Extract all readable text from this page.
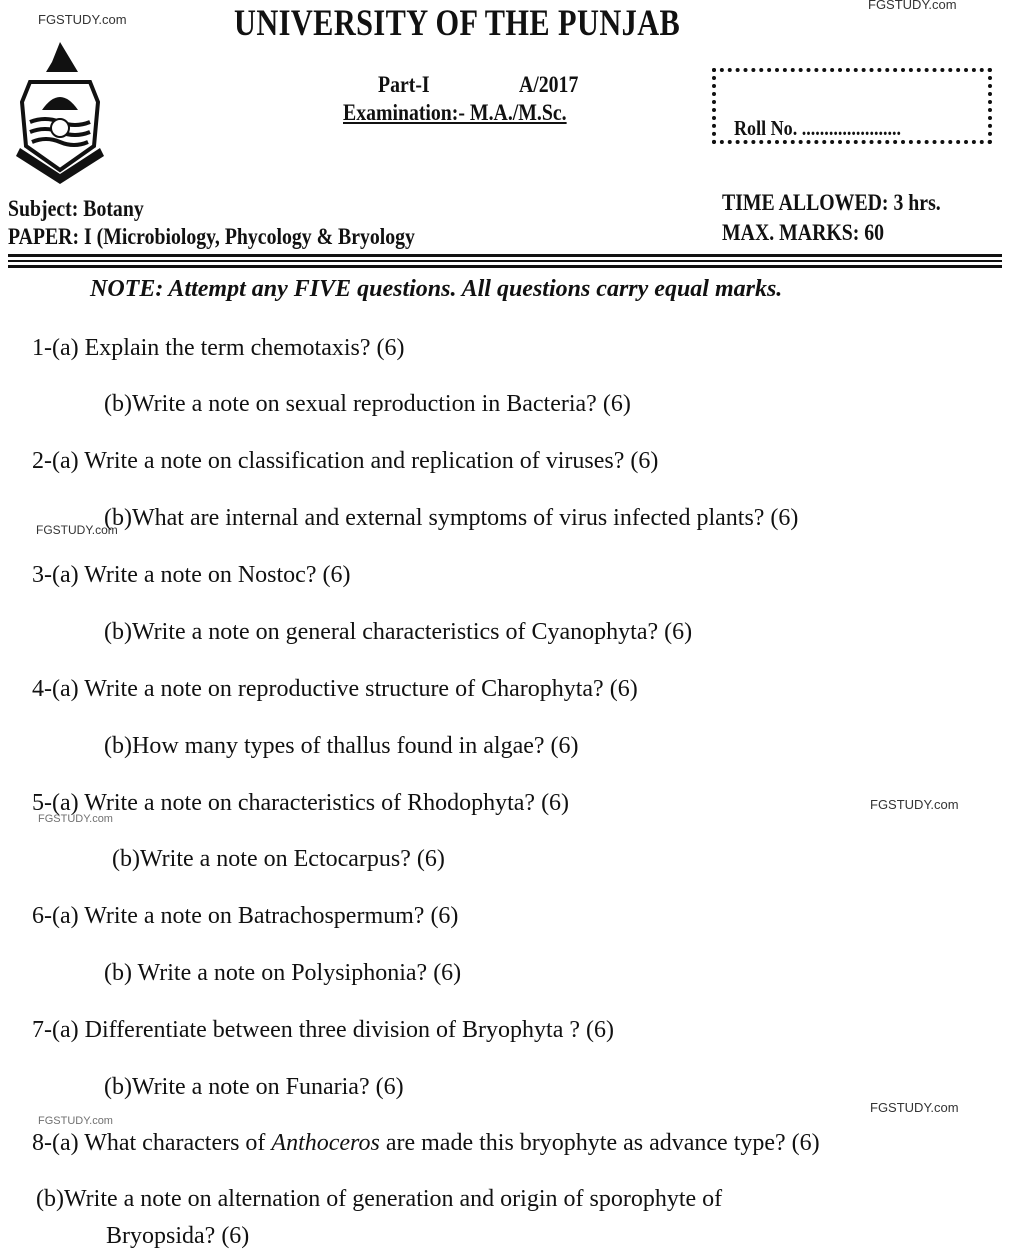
FGSTUDY.com
FGSTUDY.com
FGSTUDY.com
FGSTUDY.com
FGSTUDY.com
FGSTUDY.com
FGSTUDY.com
UNIVERSITY OF THE PUNJAB
Part-I	A/2017
Examination:- M.A./M.Sc.
Roll No. ......................
Subject: Botany
PAPER: I (Microbiology, Phycology & Bryology
TIME ALLOWED: 3 hrs.
MAX. MARKS: 60
NOTE: Attempt any FIVE questions. All questions carry equal marks.
1-(a) Explain the term chemotaxis? (6)
(b)Write a note on sexual reproduction in Bacteria? (6)
2-(a) Write a note on classification and replication of viruses? (6)
(b)What are internal and external symptoms of virus infected plants? (6)
3-(a) Write a note on Nostoc? (6)
(b)Write a note on general characteristics of Cyanophyta? (6)
4-(a) Write a note on reproductive structure of Charophyta? (6)
(b)How many types of thallus found in algae? (6)
5-(a) Write a note on characteristics of Rhodophyta? (6)
(b)Write a note on Ectocarpus? (6)
6-(a) Write a note on Batrachospermum? (6)
(b) Write a note on Polysiphonia? (6)
7-(a) Differentiate between three division of Bryophyta ? (6)
(b)Write a note on Funaria? (6)
8-(a) What characters of Anthoceros are made this bryophyte as advance type? (6)
(b)Write a note on alternation of generation and origin of sporophyte of
Bryopsida? (6)
